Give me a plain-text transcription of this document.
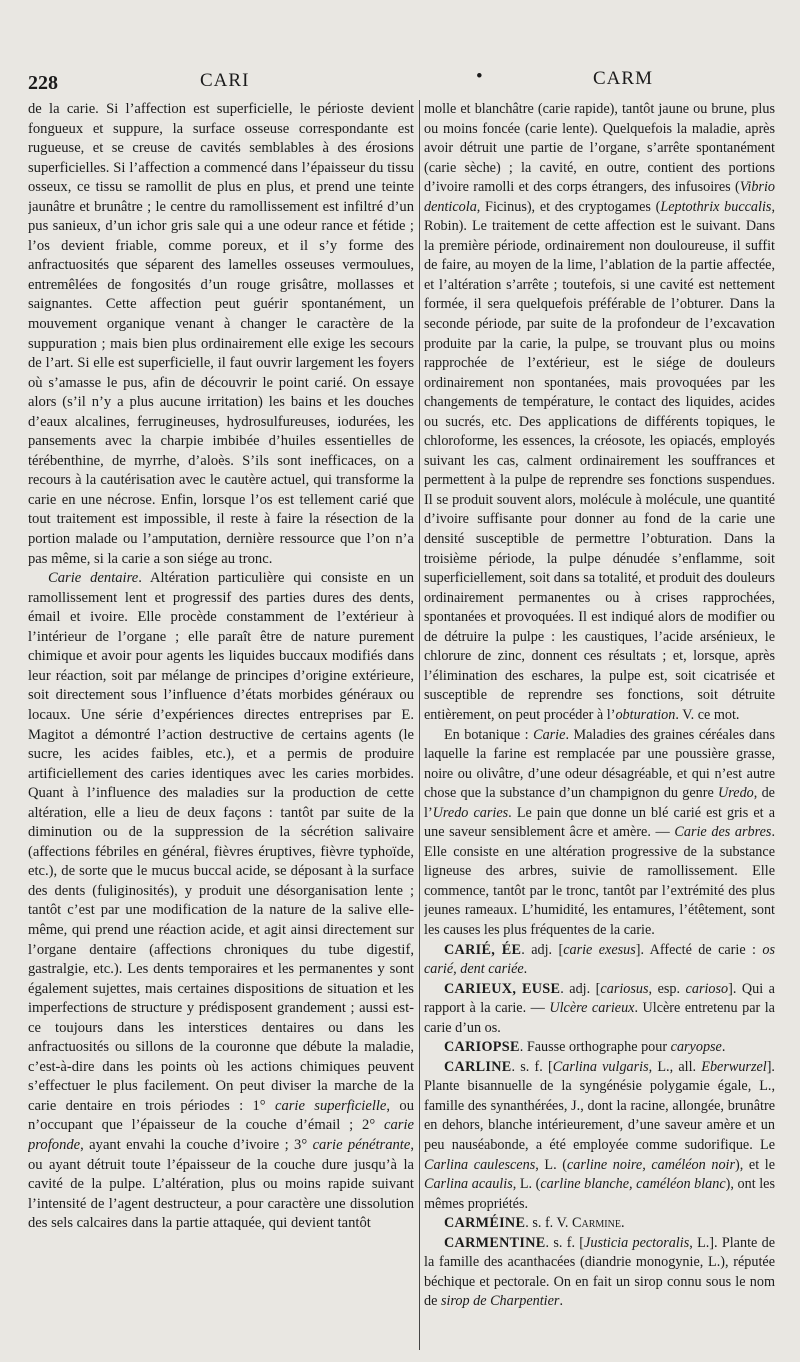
228	CARI	•	CARM

de la carie. Si l’affection est superficielle, le périoste devient fongueux et suppure, la surface osseuse correspondante est rugueuse, et se creuse de cavités semblables à des érosions superficielles. Si l’affection a commencé dans l’épaisseur du tissu osseux, ce tissu se ramollit de plus en plus, et prend une teinte jaunâtre et brunâtre ; le centre du ramollissement est infiltré d’un pus sanieux, d’un ichor gris sale qui a une odeur rance et fétide ; l’os devient friable, comme poreux, et il s’y forme des anfractuosités que séparent des lamelles osseuses vermoulues, entremêlées de fongosités d’un rouge grisâtre, mollasses et saignantes. Cette affection peut guérir spontanément, un mouvement organique venant à changer le caractère de la suppuration ; mais bien plus ordinairement elle exige les secours de l’art. Si elle est superficielle, il faut ouvrir largement les foyers où s’amasse le pus, afin de découvrir le point carié. On essaye alors (s’il n’y a plus aucune irritation) les bains et les douches d’eaux alcalines, ferrugineuses, hydrosulfureuses, iodurées, les pansements avec la charpie imbibée d’huiles essentielles de térébenthine, de myrrhe, d’aloès. S’ils sont inefficaces, on a recours à la cautérisation avec le cautère actuel, qui transforme la carie en une nécrose. Enfin, lorsque l’os est tellement carié que tout traitement est impossible, il reste à faire la résection de la portion malade ou l’amputation, dernière ressource que l’on n’a pas même, si la carie a son siége au tronc.

Carie dentaire. Altération particulière qui consiste en un ramollissement lent et progressif des parties dures des dents, émail et ivoire. Elle procède constamment de l’extérieur à l’intérieur de l’organe ; elle paraît être de nature purement chimique et avoir pour agents les liquides buccaux modifiés dans leur réaction, soit par mélange de principes d’origine extérieure, soit directement sous l’influence d’états morbides généraux ou locaux. Une série d’expériences directes entreprises par E. Magitot a démontré l’action destructive de certains agents (le sucre, les acides faibles, etc.), et a permis de produire artificiellement des caries identiques avec les caries morbides. Quant à l’influence des maladies sur la production de cette altération, elle a lieu de deux façons : tantôt par suite de la diminution ou de la suppression de la sécrétion salivaire (affections fébriles en général, fièvres éruptives, fièvre typhoïde, etc.), de sorte que le mucus buccal acide, se déposant à la surface des dents (fuliginosités), y produit une désorganisation lente ; tantôt c’est par une modification de la nature de la salive elle-même, qui prend une réaction acide, et agit ainsi directement sur l’organe dentaire (affections chroniques du tube digestif, gastralgie, etc.). Les dents temporaires et les permanentes y sont également sujettes, mais certaines dispositions de situation et les imperfections de structure y prédisposent grandement ; aussi est-ce toujours dans les interstices dentaires ou dans les anfractuosités ou sillons de la couronne que débute la maladie, c’est-à-dire dans les points où les actions chimiques peuvent s’effectuer le plus facilement. On peut diviser la marche de la carie dentaire en trois périodes : 1° carie superficielle, ou n’occupant que l’épaisseur de la couche d’émail ; 2° carie profonde, ayant envahi la couche d’ivoire ; 3° carie pénétrante, ou ayant détruit toute l’épaisseur de la couche dure jusqu’à la cavité de la pulpe. L’altération, plus ou moins rapide suivant l’intensité de l’agent destructeur, a pour caractère une dissolution des sels calcaires dans la partie attaquée, qui devient tantôt

molle et blanchâtre (carie rapide), tantôt jaune ou brune, plus ou moins foncée (carie lente). Quelquefois la maladie, après avoir détruit une partie de l’organe, s’arrête spontanément (carie sèche) ; la cavité, en outre, contient des portions d’ivoire ramolli et des corps étrangers, des infusoires (Vibrio denticola, Ficinus), et des cryptogames (Leptothrix buccalis, Robin). Le traitement de cette affection est le suivant. Dans la première période, ordinairement non douloureuse, il suffit de faire, au moyen de la lime, l’ablation de la partie affectée, et l’altération s’arrête ; toutefois, si une cavité est nettement formée, il sera quelquefois préférable de l’obturer. Dans la seconde période, par suite de la profondeur de l’excavation produite par la carie, la pulpe, se trouvant plus ou moins rapprochée de l’extérieur, est le siége de douleurs ordinairement non spontanées, mais provoquées par les changements de température, le contact des liquides, acides ou sucrés, etc. Des applications de différents topiques, le chloroforme, les essences, la créosote, les opiacés, employés suivant les cas, calment ordinairement les souffrances et permettent à la pulpe de reprendre ses fonctions suspendues. Il se produit souvent alors, molécule à molécule, une quantité d’ivoire suffisante pour donner au fond de la carie une densité susceptible de permettre l’obturation. Dans la troisième période, la pulpe dénudée s’enflamme, soit superficiellement, soit dans sa totalité, et produit des douleurs ordinairement permanentes ou à crises rapprochées, spontanées et provoquées. Il est indiqué alors de modifier ou de détruire la pulpe : les caustiques, l’acide arsénieux, le chlorure de zinc, donnent ces résultats ; et, lorsque, après l’élimination des eschares, la pulpe est, soit cicatrisée et susceptible de reprendre ses fonctions, soit détruite entièrement, on peut procéder à l’obturation. V. ce mot.

En botanique : Carie. Maladies des graines céréales dans laquelle la farine est remplacée par une poussière grasse, noire ou olivâtre, d’une odeur désagréable, et qui n’est autre chose que la substance d’un champignon du genre Uredo, de l’Uredo caries. Le pain que donne un blé carié est gris et a une saveur sensiblement âcre et amère. — Carie des arbres. Elle consiste en une altération progressive de la substance ligneuse des arbres, suivie de ramollissement. Elle commence, tantôt par le tronc, tantôt par l’extrémité des plus jeunes rameaux. L’humidité, les entamures, l’étêtement, sont les causes les plus fréquentes de la carie.

CARIÉ, ÉE. adj. [carie exesus]. Affecté de carie : os carié, dent cariée.

CARIEUX, EUSE. adj. [cariosus, esp. carioso]. Qui a rapport à la carie. — Ulcère carieux. Ulcère entretenu par la carie d’un os.

CARIOPSE. Fausse orthographe pour caryopse.

CARLINE. s. f. [Carlina vulgaris, L., all. Eberwurzel]. Plante bisannuelle de la syngénésie polygamie égale, L., famille des synanthérées, J., dont la racine, allongée, brunâtre en dehors, blanche intérieurement, d’une saveur amère et un peu nauséabonde, a été employée comme sudorifique. Le Carlina caulescens, L. (carline noire, caméléon noir), et le Carlina acaulis, L. (carline blanche, caméléon blanc), ont les mêmes propriétés.

CARMÉINE. s. f. V. Carmine.

CARMENTINE. s. f. [Justicia pectoralis, L.]. Plante de la famille des acanthacées (diandrie monogynie, L.), réputée béchique et pectorale. On en fait un sirop connu sous le nom de sirop de Charpentier.
